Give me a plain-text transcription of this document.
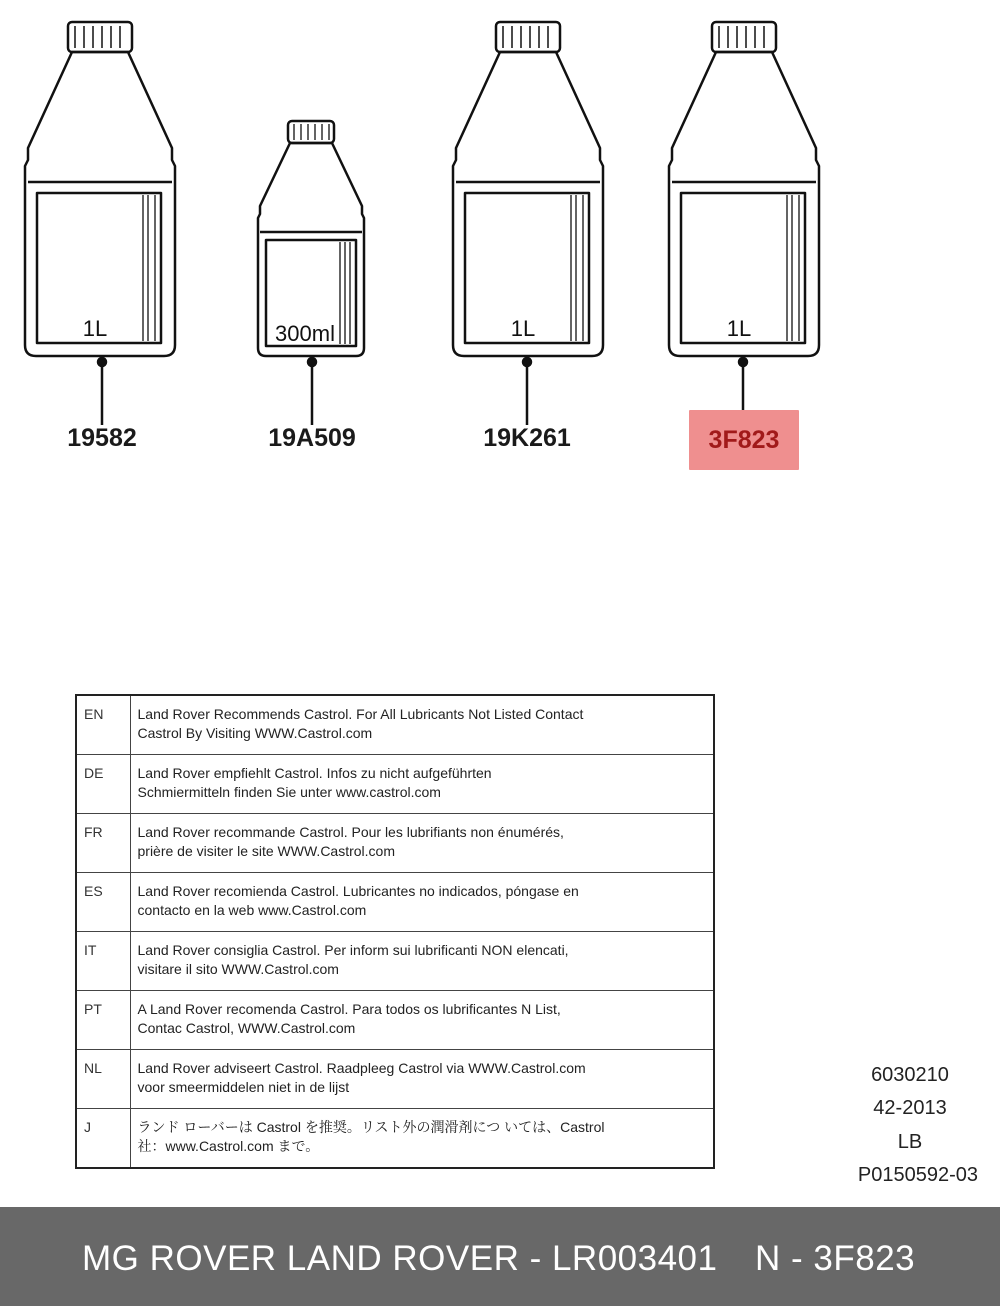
1L	300ml	1L	1L
19582	19A509	19K261	3F823
EN	Land Rover Recommends Castrol. For All Lubricants Not Listed Contact
Castrol By Visiting WWW.Castrol.com

DE	Land Rover empfiehlt Castrol. Infos zu nicht aufgeführten
Schmiermitteln finden Sie unter www.castrol.com

FR	Land Rover recommande Castrol. Pour les lubrifiants non énumérés,
prière de visiter le site WWW.Castrol.com

ES	Land Rover recomienda Castrol. Lubricantes no indicados, póngase en
contacto en la web www.Castrol.com

IT	Land Rover consiglia Castrol. Per inform sui lubrificanti NON elencati,
visitare il sito WWW.Castrol.com

PT	A Land Rover recomenda Castrol. Para todos os lubrificantes N List,
Contac Castrol, WWW.Castrol.com

NL	Land Rover adviseert Castrol. Raadpleeg Castrol via WWW.Castrol.com
voor smeermiddelen niet in de lijst

J	ランド ローバーは Castrol を推奨。リスト外の潤滑剤につ いては、Castrol
社：www.Castrol.com まで。
6030210
42-2013
LB
P0150592-03
MG ROVER LAND ROVER - LR003401 N - 3F823
